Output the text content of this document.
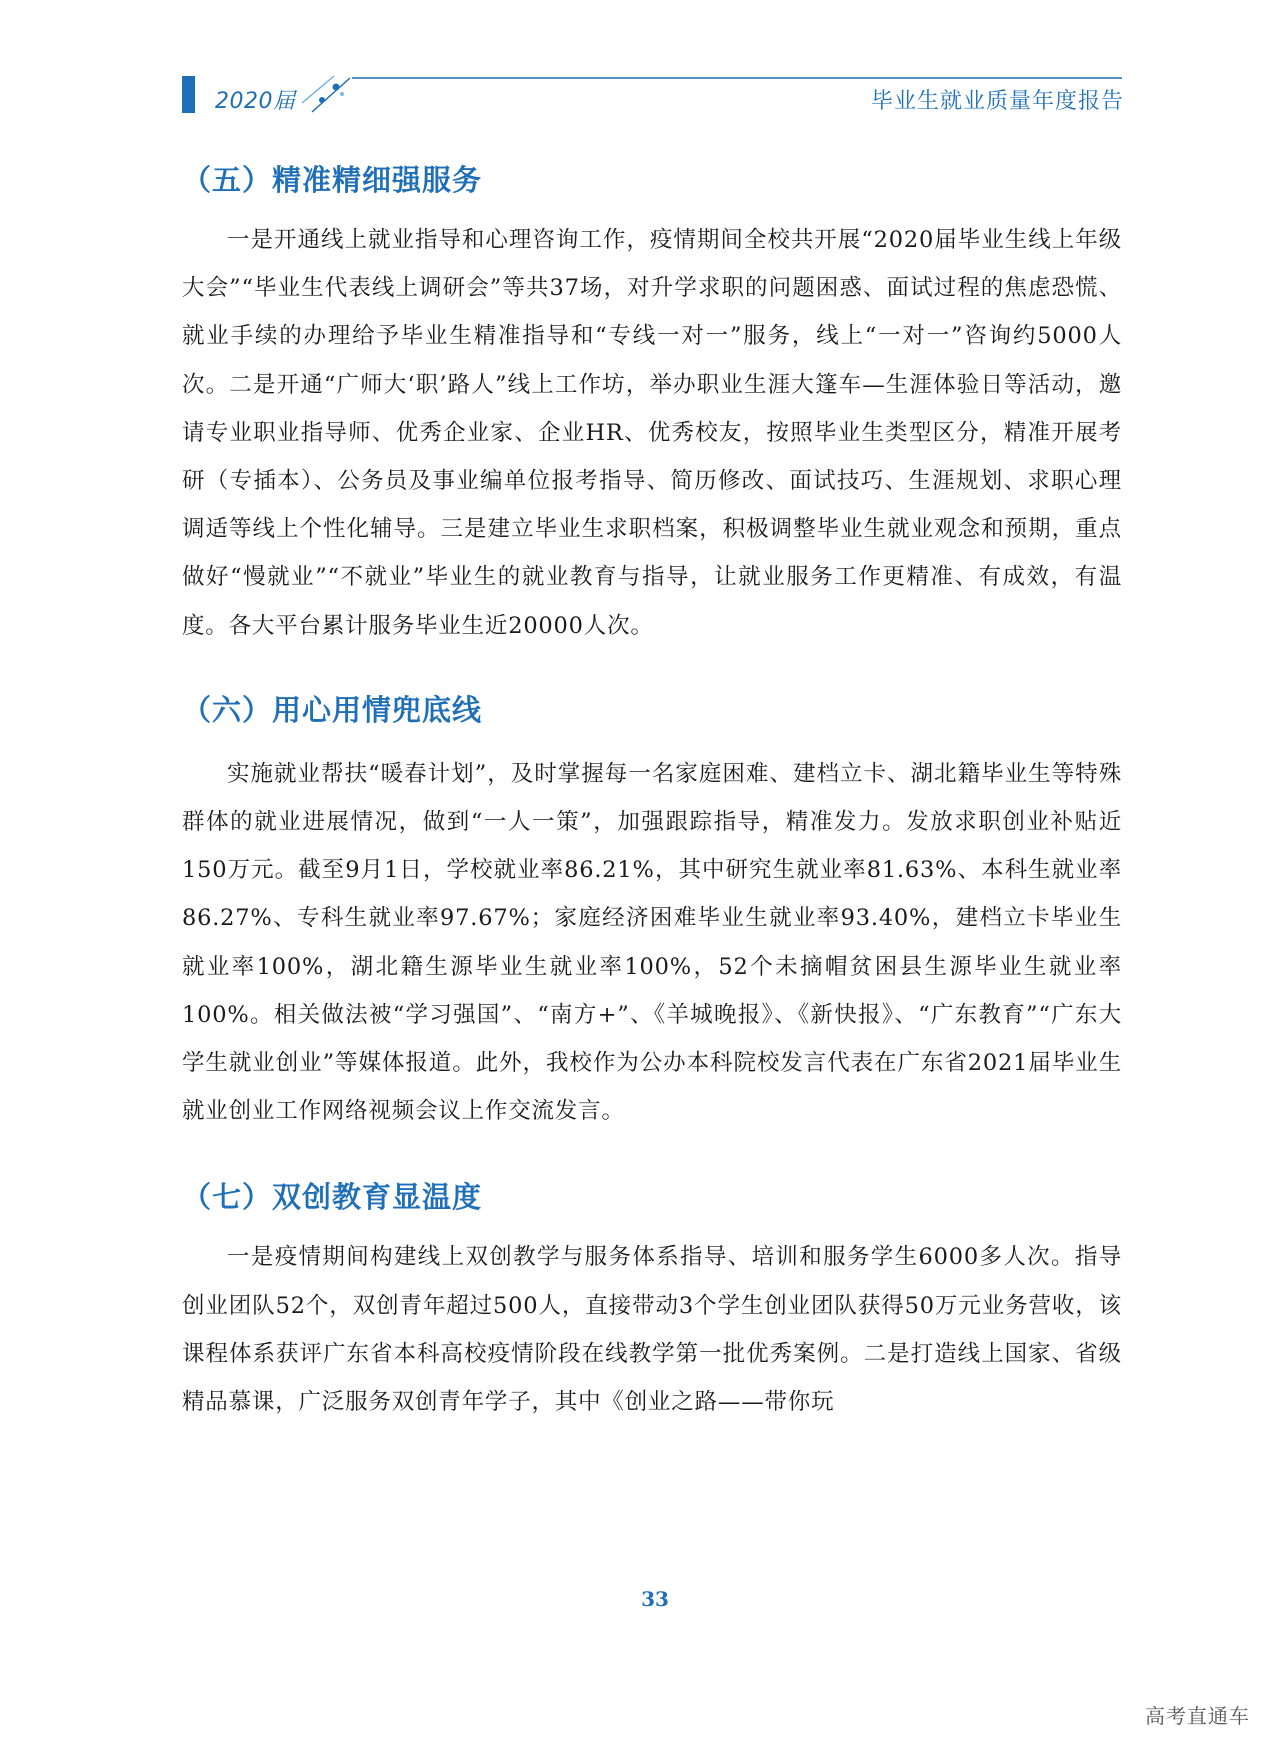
2020届	毕业生就业质量年度报告
（五）精准精细强服务

一是开通线上就业指导和心理咨询工作，疫情期间全校共开展“2020届毕业生线上年级大会”“毕业生代表线上调研会”等共37场，对升学求职的问题困惑、面试过程的焦虑恐慌、就业手续的办理给予毕业生精准指导和“专线一对一”服务，线上“一对一”咨询约5000人次。二是开通“广师大‘职’路人”线上工作坊，举办职业生涯大篷车—生涯体验日等活动，邀请专业职业指导师、优秀企业家、企业HR、优秀校友，按照毕业生类型区分，精准开展考研（专插本）、公务员及事业编单位报考指导、简历修改、面试技巧、生涯规划、求职心理调适等线上个性化辅导。三是建立毕业生求职档案，积极调整毕业生就业观念和预期，重点做好“慢就业”“不就业”毕业生的就业教育与指导，让就业服务工作更精准、有成效，有温度。各大平台累计服务毕业生近20000人次。

（六）用心用情兜底线

实施就业帮扶“暖春计划”，及时掌握每一名家庭困难、建档立卡、湖北籍毕业生等特殊群体的就业进展情况，做到“一人一策”，加强跟踪指导，精准发力。发放求职创业补贴近150万元。截至9月1日，学校就业率86.21%，其中研究生就业率81.63%、本科生就业率86.27%、专科生就业率97.67%；家庭经济困难毕业生就业率93.40%，建档立卡毕业生就业率100%，湖北籍生源毕业生就业率100%，52个未摘帽贫困县生源毕业生就业率100%。相关做法被“学习强国”、“南方+”、《羊城晚报》、《新快报》、“广东教育”“广东大学生就业创业”等媒体报道。此外，我校作为公办本科院校发言代表在广东省2021届毕业生就业创业工作网络视频会议上作交流发言。

（七）双创教育显温度

一是疫情期间构建线上双创教学与服务体系指导、培训和服务学生6000多人次。指导创业团队52个，双创青年超过500人，直接带动3个学生创业团队获得50万元业务营收，该课程体系获评广东省本科高校疫情阶段在线教学第一批优秀案例。二是打造线上国家、省级精品慕课，广泛服务双创青年学子，其中《创业之路——带你玩

33
高考直通车
